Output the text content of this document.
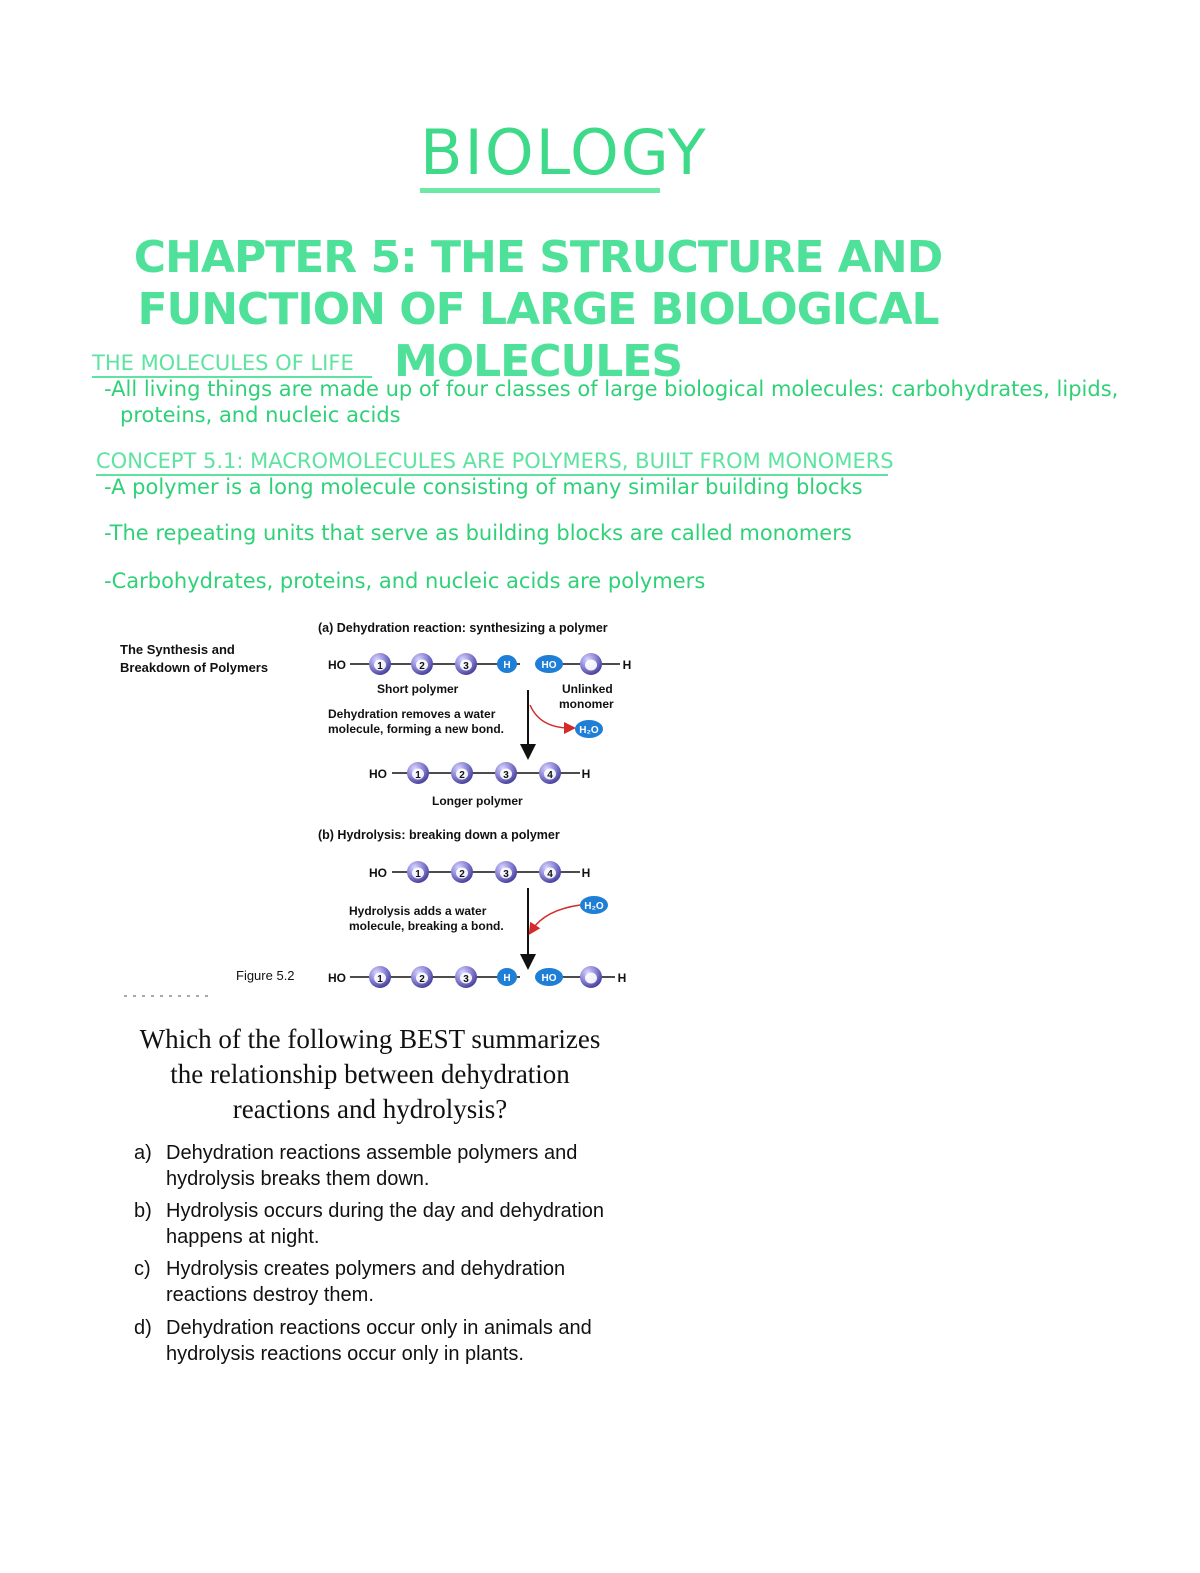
BIOLOGY
CHAPTER 5: THE STRUCTURE AND FUNCTION OF LARGE BIOLOGICAL MOLECULES
THE MOLECULES OF LIFE
-All living things are made up of four classes of large biological molecules: carbohydrates, lipids,
proteins, and nucleic acids
CONCEPT 5.1: MACROMOLECULES ARE POLYMERS, BUILT FROM MONOMERS
-A polymer is a long molecule consisting of many similar building blocks
-The repeating units that serve as building blocks are called monomers
-Carbohydrates, proteins, and nucleic acids are polymers
The Synthesis and
Breakdown of Polymers
Figure 5.2
(a) Dehydration reaction: synthesizing a polymer
Short polymer	Unlinked
monomer
Dehydration removes a water
molecule, forming a new bond.
Longer polymer
(b) Hydrolysis: breaking down a polymer
Hydrolysis adds a water
molecule, breaking a bond.
HO	1	2	3	H	HO	H
H₂O
HO	1	2	3	4 H
HO	1	2	3	4 H
H₂O
HO	1	2	3	H	HO	H
Which of the following BEST summarizes the relationship between dehydration reactions and hydrolysis?
a) Dehydration reactions assemble polymers and hydrolysis breaks them down.
b) Hydrolysis occurs during the day and dehydration happens at night.
c) Hydrolysis creates polymers and dehydration reactions destroy them.
d) Dehydration reactions occur only in animals and hydrolysis reactions occur only in plants.
